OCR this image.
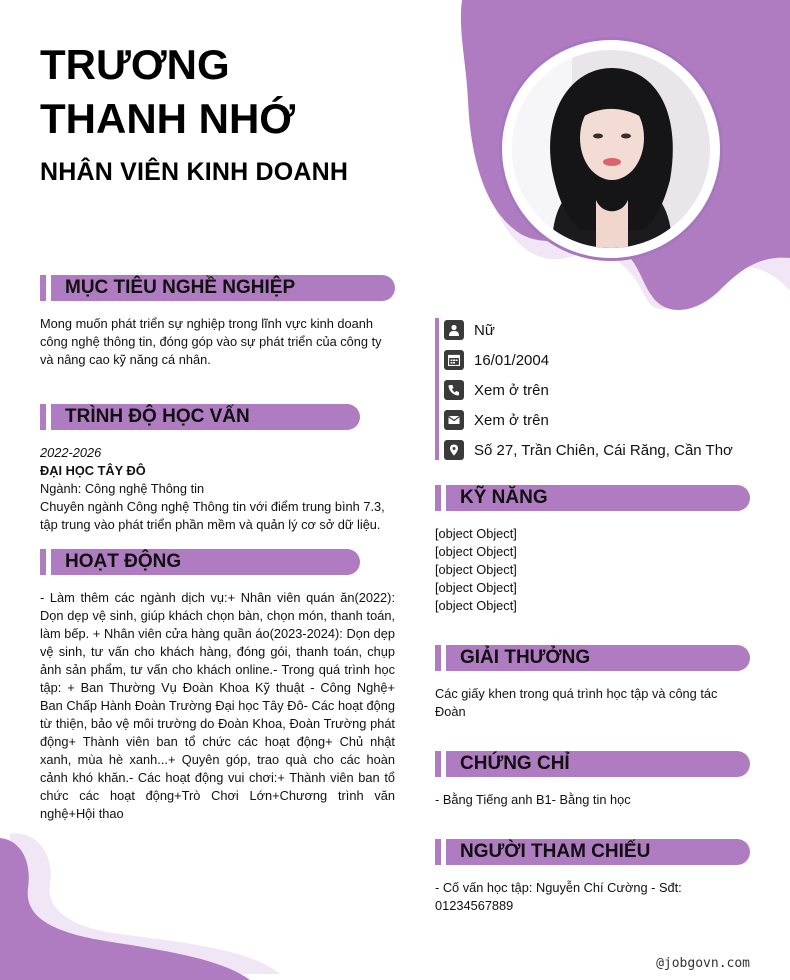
TRƯƠNG
THANH NHỚ
NHÂN VIÊN KINH DOANH
MỤC TIÊU NGHỀ NGHIỆP

Mong muốn phát triển sự nghiệp trong lĩnh vực kinh doanh công nghệ thông tin, đóng góp vào sự phát triển của công ty và nâng cao kỹ năng cá nhân.

TRÌNH ĐỘ HỌC VẤN

2022-2026

ĐẠI HỌC TÂY ĐÔ

Ngành: Công nghệ Thông tin

Chuyên ngành Công nghệ Thông tin với điểm trung bình 7.3, tập trung vào phát triển phần mềm và quản lý cơ sở dữ liệu.

HOẠT ĐỘNG

- Làm thêm các ngành dịch vụ:+ Nhân viên quán ăn(2022): Dọn dẹp vệ sinh, giúp khách chọn bàn, chọn món, thanh toán, làm bếp. + Nhân viên cửa hàng quần áo(2023-2024): Dọn dẹp vệ sinh, tư vấn cho khách hàng, đóng gói, thanh toán, chụp ảnh sản phẩm, tư vấn cho khách online.- Trong quá trình học tập: + Ban Thường Vụ Đoàn Khoa Kỹ thuật - Công Nghệ+ Ban Chấp Hành Đoàn Trường Đại học Tây Đô- Các hoạt động từ thiện, bảo vệ môi trường do Đoàn Khoa, Đoàn Trường phát động+ Thành viên ban tổ chức các hoạt động+ Chủ nhật xanh, mùa hè xanh...+ Quyên góp, trao quà cho các hoàn cảnh khó khăn.- Các hoạt động vui chơi:+ Thành viên ban tổ chức các hoạt động+Trò Chơi Lớn+Chương trình văn nghệ+Hội thao

Nữ
16/01/2004
Xem ở trên
Xem ở trên
Số 27, Trần Chiên, Cái Răng, Cần Thơ
KỸ NĂNG

[object Object]

[object Object]

[object Object]

[object Object]

[object Object]

GIẢI THƯỞNG

Các giấy khen trong quá trình học tập và công tác Đoàn

CHỨNG CHỈ

- Bằng Tiếng anh B1- Bằng tin học

NGƯỜI THAM CHIẾU

- Cố vấn học tập: Nguyễn Chí Cường - Sđt: 01234567889

@jobgovn.com
